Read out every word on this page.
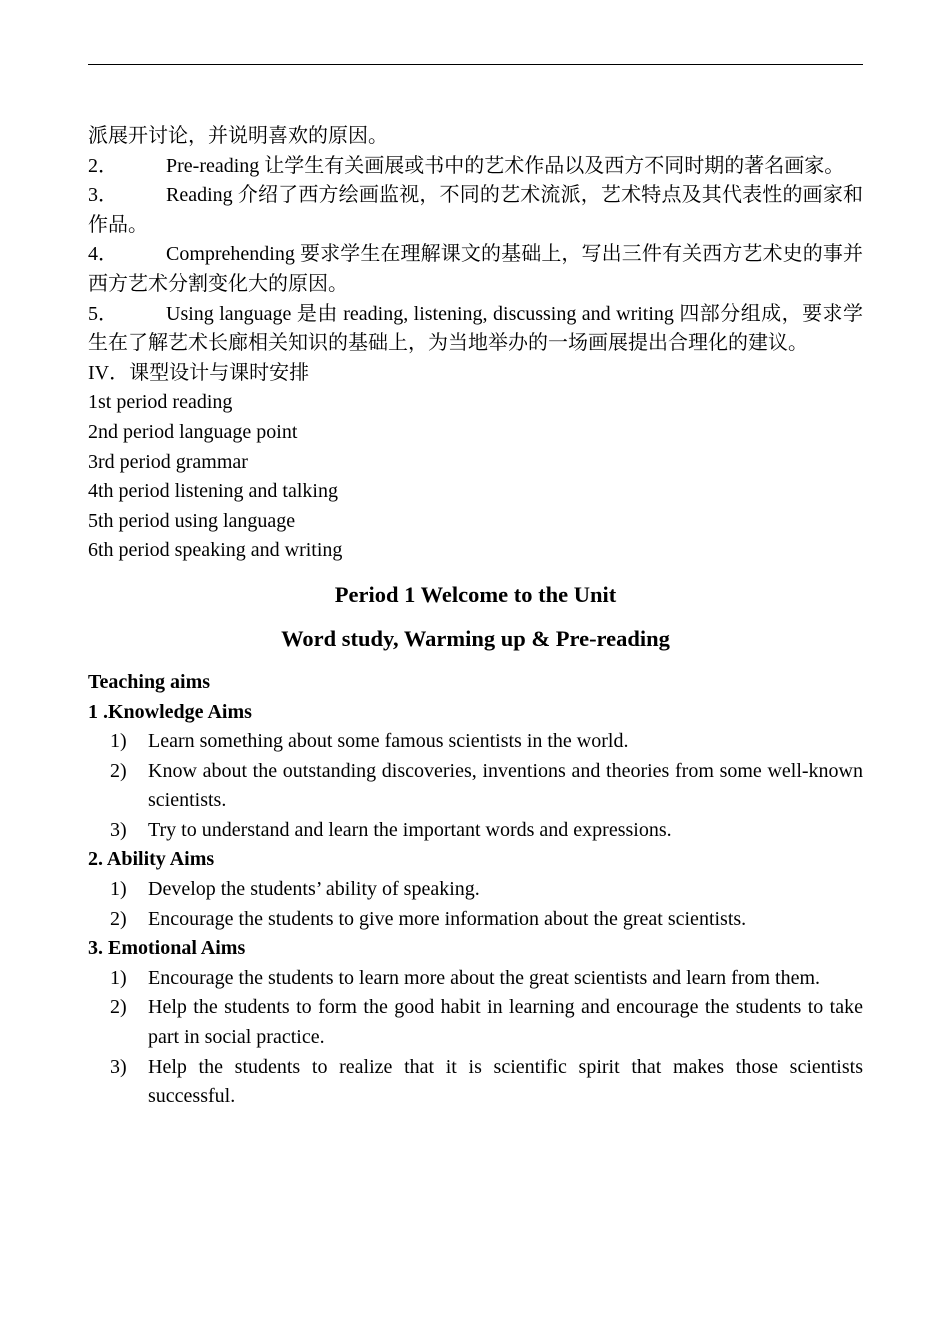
派展开讨论，并说明喜欢的原因。

2． Pre-reading 让学生有关画展或书中的艺术作品以及西方不同时期的著名画家。

3． Reading 介绍了西方绘画监视，不同的艺术流派，艺术特点及其代表性的画家和作品。

4． Comprehending 要求学生在理解课文的基础上，写出三件有关西方艺术史的事并西方艺术分割变化大的原因。

5． Using language 是由 reading, listening, discussing and writing 四部分组成，要求学生在了解艺术长廊相关知识的基础上，为当地举办的一场画展提出合理化的建议。

IV．课型设计与课时安排

1st period reading

2nd period language point

3rd period grammar

4th period listening and talking

5th period using language

6th period speaking and writing

Period 1 Welcome to the Unit

Word study, Warming up & Pre-reading

Teaching aims

1 .Knowledge Aims

1) Learn something about some famous scientists in the world.
2) Know about the outstanding discoveries, inventions and theories from some well-known scientists.
3) Try to understand and learn the important words and expressions.

2. Ability Aims

1) Develop the students’ ability of speaking.
2) Encourage the students to give more information about the great scientists.

3. Emotional Aims

1) Encourage the students to learn more about the great scientists and learn from them.
2) Help the students to form the good habit in learning and encourage the students to take part in social practice.
3) Help the students to realize that it is scientific spirit that makes those scientists successful.
